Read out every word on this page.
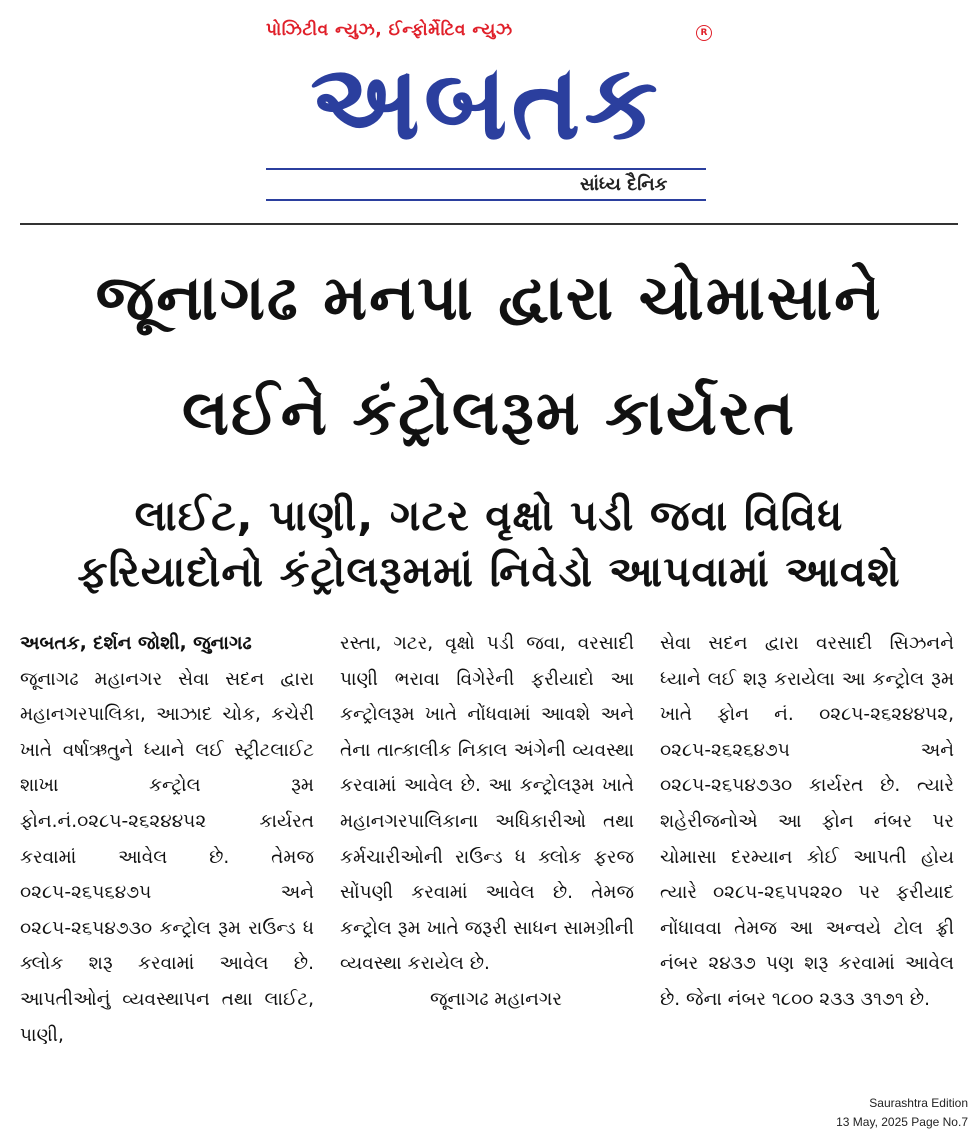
પોઝિટીવ ન્યુઝ, ઈન્ફોર્મેટિવ ન્યુઝ
અબતક
R
સાંધ્ય દૈનિક
જૂનાગઢ મનપા દ્વારા ચોમાસાને
લઈને કંટ્રોલરૂમ કાર્યરત
લાઈટ, પાણી, ગટર વૃક્ષો પડી જવા વિવિધ
ફરિયાદોનો કંટ્રોલરૂમમાં નિવેડો આપવામાં આવશે
અબતક, દર્શન જોશી, જુનાગઢ
જૂનાગઢ મહાનગર સેવા સદન દ્વારા મહાનગરપાલિકા, આઝાદ ચોક, કચેરી ખાતે વર્ષાઋતુને ધ્યાને લઈ સ્ટ્રીટલાઈટ શાખા કન્ટ્રોલ રૂમ ફોન.નં.૦૨૮૫-૨૬૨૪૪૫૨ કાર્યરત કરવામાં આવેલ છે. તેમજ ૦૨૮૫-૨૬૫૬૪૭૫ અને ૦૨૮૫-૨૬૫૪૭૩૦ કન્ટ્રોલ રૂમ રાઉન્ડ ધ ક્લોક શરૂ કરવામાં આવેલ છે. આપતીઓનું વ્યવસ્થાપન તથા લાઈટ, પાણી,
રસ્તા, ગટર, વૃક્ષો પડી જવા, વરસાદી પાણી ભરાવા વિગેરેની ફરીયાદો આ કન્ટ્રોલરૂમ ખાતે નોંધવામાં આવશે અને તેના તાત્કાલીક નિકાલ અંગેની વ્યવસ્થા કરવામાં આવેલ છે. આ કન્ટ્રોલરૂમ ખાતે મહાનગરપાલિકાના અધિકારીઓ તથા કર્મચારીઓની રાઉન્ડ ધ ક્લોક ફરજ સોંપણી કરવામાં આવેલ છે. તેમજ કન્ટ્રોલ રૂમ ખાતે જરૂરી સાધન સામગ્રીની વ્યવસ્થા કરાયેલ છે.
જૂનાગઢ મહાનગર
સેવા સદન દ્વારા વરસાદી સિઝનને ધ્યાને લઈ શરૂ કરાયેલા આ કન્ટ્રોલ રૂમ ખાતે ફોન નં. ૦૨૮૫-૨૬૨૪૪૫૨, ૦૨૮૫-૨૬૨૬૪૭૫ અને ૦૨૮૫-૨૬૫૪૭૩૦ કાર્યરત છે. ત્યારે શહેરીજનોએ આ ફોન નંબર પર ચોમાસા દરમ્યાન કોઈ આપતી હોય ત્યારે ૦૨૮૫-૨૬૫૫૨૨૦ પર ફરીયાદ નોંધાવવા તેમજ આ અન્વયે ટોલ ફ્રી નંબર ૨૪૩૭ પણ શરૂ કરવામાં આવેલ છે. જેના નંબર ૧૮૦૦ ૨૩૩ ૩૧૭૧ છે.
Saurashtra Edition
13 May, 2025 Page No.7
